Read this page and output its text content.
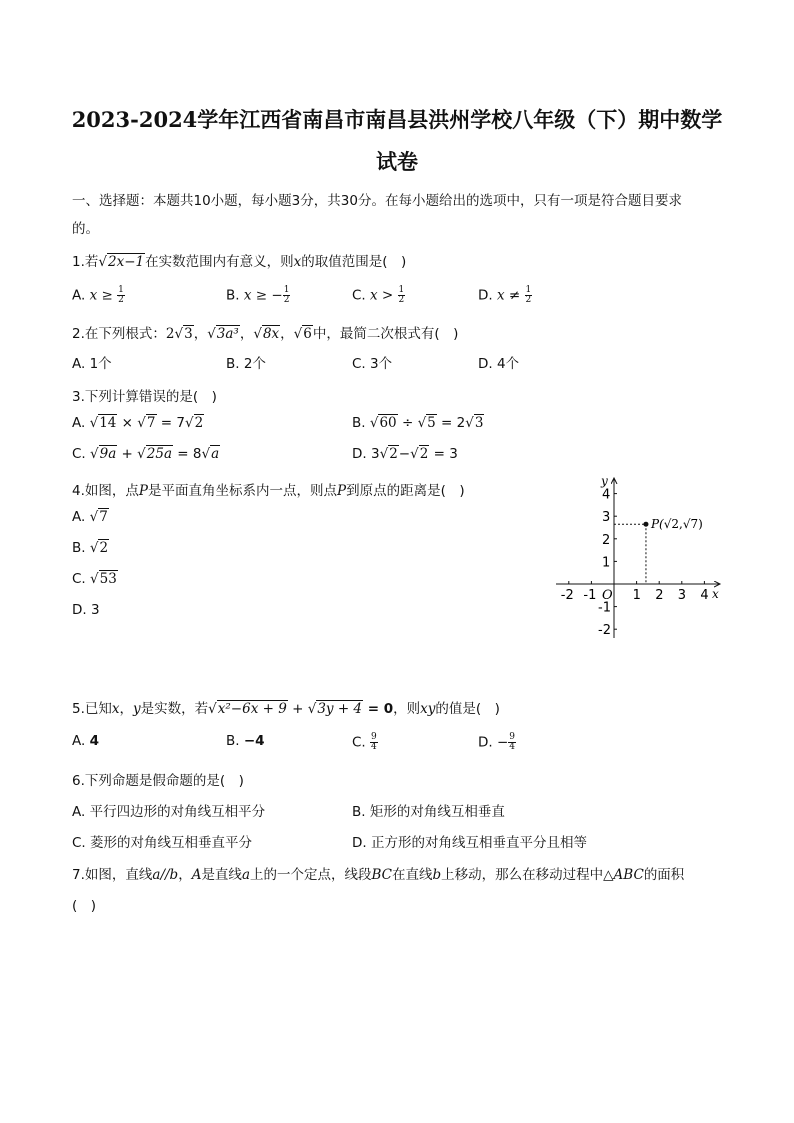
2023-2024学年江西省南昌市南昌县洪州学校八年级（下）期中数学
试卷
一、选择题：本题共10小题，每小题3分，共30分。在每小题给出的选项中，只有一项是符合题目要求
的。
1.若√2x−1在实数范围内有意义，则x的取值范围是(　)
A. $x \ge \frac{1}{2}$	B. x ≥ − $\frac{1}{2}$	C. $x > \frac{1}{2}$	D. $x \ne \frac{1}{2}$
2.在下列根式：2√3，√3a³，√8x，√6中，最简二次根式有(　)
A. 1个	B. 2个	C. 3个	D. 4个
3.下列计算错误的是(　)
A. √14 × √7 = 7√2	B. √60 ÷ √5 = 2√3
C. √9a + √25a = 8√a	D. 3√2−√2 = 3
4.如图，点P是平面直角坐标系内一点，则点P到原点的距离是(　)
A. √7
B. √2
C. √53
D. 3
x
y
O
-2 -1	1 2 3 4
4
3
2
1
-1
-2
P(√2,√7)
5.已知x，y是实数，若√x²−6x + 9 + √3y + 4 = 0，则xy的值是(　)
A. 4	B. −4	C. $\frac{9}{4}$	D. − $\frac{9}{4}$
6.下列命题是假命题的是(　)
A. 平行四边形的对角线互相平分	B. 矩形的对角线互相垂直
C. 菱形的对角线互相垂直平分	D. 正方形的对角线互相垂直平分且相等
7.如图，直线a//b，A是直线a上的一个定点，线段BC在直线b上移动，那么在移动过程中△ABC的面积
(　)
